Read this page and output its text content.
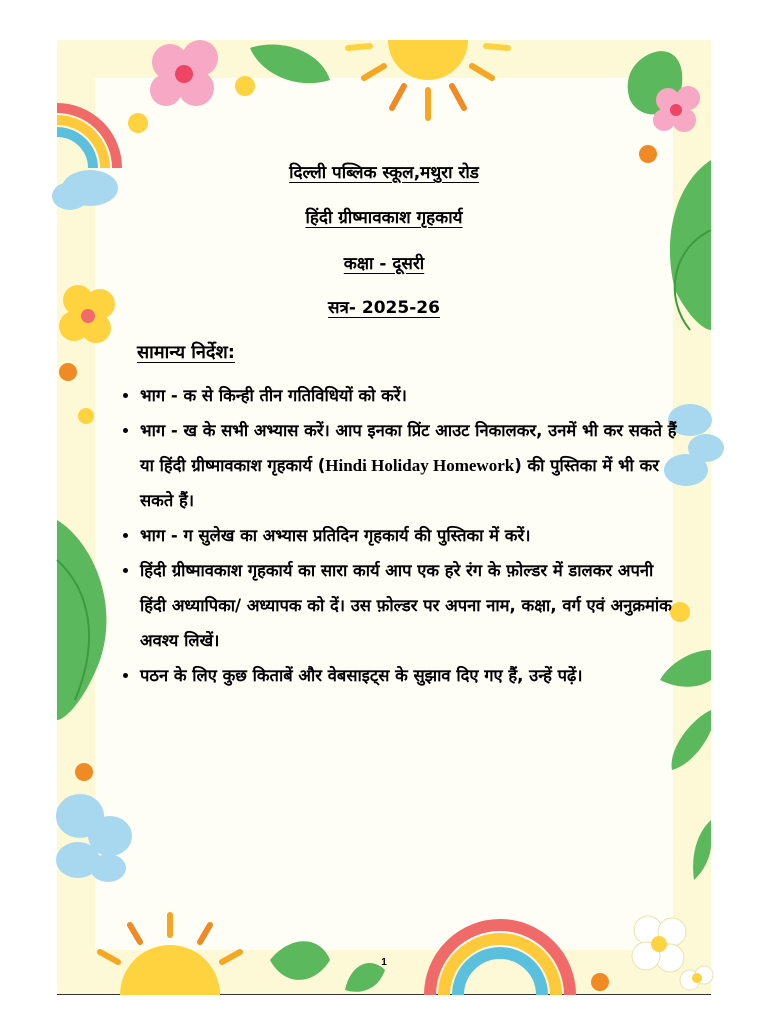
दिल्ली पब्लिक स्कूल,मथुरा रोड
हिंदी ग्रीष्मावकाश गृहकार्य
कक्षा - दूसरी
सत्र- 2025-26
सामान्य निर्देश:
• भाग - क से किन्ही तीन गतिविधियों को करें।
• भाग - ख के सभी अभ्यास करें। आप इनका प्रिंट आउट निकालकर, उनमें भी कर सकते हैं या हिंदी ग्रीष्मावकाश गृहकार्य (Hindi Holiday Homework) की पुस्तिका में भी कर सकते हैं।
• भाग - ग सुलेख का अभ्यास प्रतिदिन गृहकार्य की पुस्तिका में करें।
• हिंदी ग्रीष्मावकाश गृहकार्य का सारा कार्य आप एक हरे रंग के फ़ोल्डर में डालकर अपनी हिंदी अध्यापिका/ अध्यापक को दें। उस फ़ोल्डर पर अपना नाम, कक्षा, वर्ग एवं अनुक्रमांक अवश्य लिखें।
• पठन के लिए कुछ किताबें और वेबसाइट्स के सुझाव दिए गए हैं, उन्हें पढ़ें।
1
